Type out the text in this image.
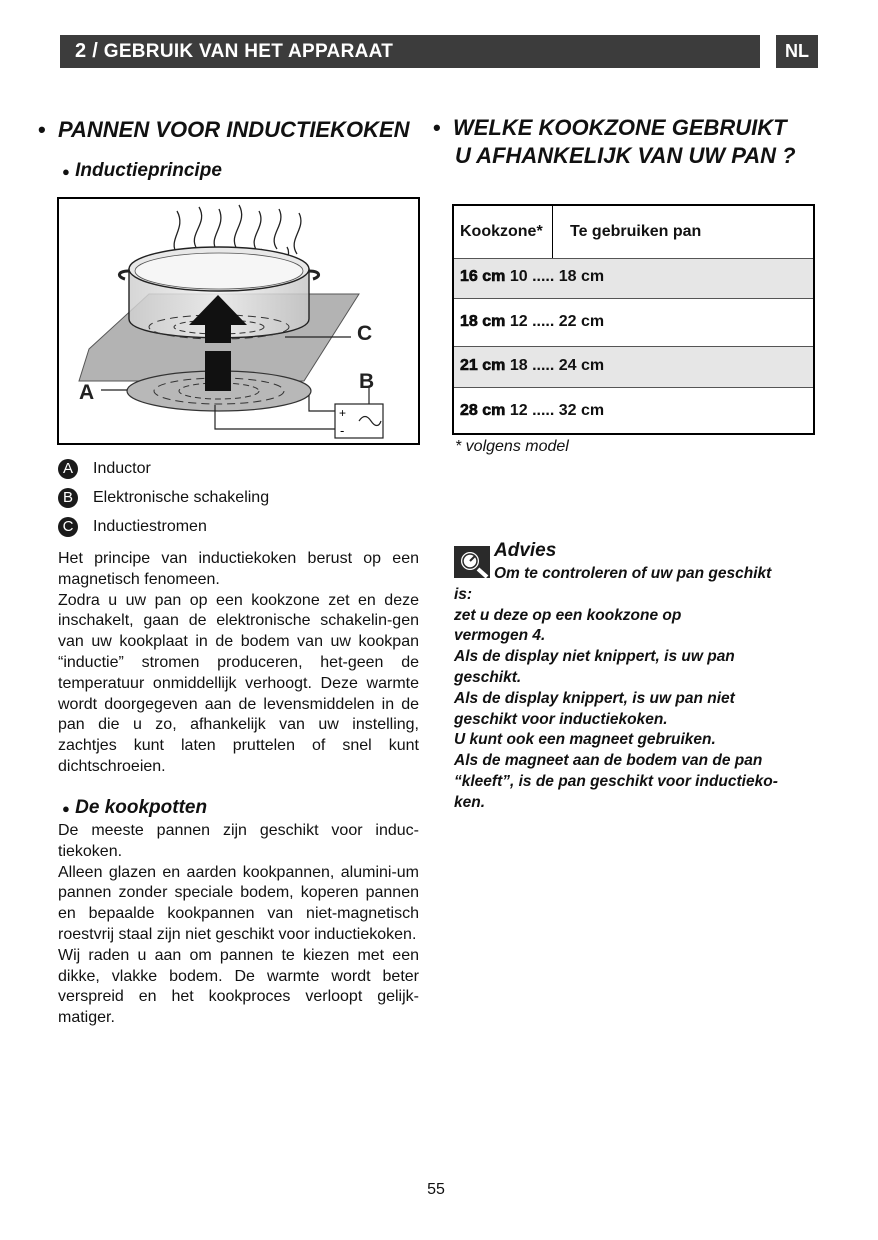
2 / GEBRUIK VAN HET APPARAAT	NL
• PANNEN VOOR INDUCTIEKOKEN
● Inductieprincipe
+
-
C
B
A
A	Inductor
B	Elektronische schakeling
C Inductiestromen

Het principe van inductiekoken berust op een magnetisch fenomeen.

Zodra u uw pan op een kookzone zet en deze inschakelt, gaan de elektronische schakelin-gen van uw kookplaat in de bodem van uw kookpan “inductie” stromen produceren, het-geen de temperatuur onmiddellijk verhoogt. Deze warmte wordt doorgegeven aan de levensmiddelen in de pan die u zo, afhankelijk van uw instelling, zachtjes kunt laten pruttelen of snel kunt dichtschroeien.

● De kookpotten

De meeste pannen zijn geschikt voor induc-tiekoken.

Alleen glazen en aarden kookpannen, alumini-um pannen zonder speciale bodem, koperen pannen en bepaalde kookpannen van niet-magnetisch roestvrij staal zijn niet geschikt voor inductiekoken.

Wij raden u aan om pannen te kiezen met een dikke, vlakke bodem. De warmte wordt beter verspreid en het kookproces verloopt gelijk-matiger.

• WELKE KOOKZONE GEBRUIKT
U AFHANKELIJK VAN UW PAN ?
Kookzone* Te gebruiken pan
16 cm 10 ..... 18 cm
18 cm 12 ..... 22 cm
21 cm 18 ..... 24 cm
28 cm 12 ..... 32 cm
* volgens model
Advies
Om te controleren of uw pan geschikt
is:
zet u deze op een kookzone op
vermogen 4.
Als de display niet knippert, is uw pan
geschikt.
Als de display knippert, is uw pan niet
geschikt voor inductiekoken.
U kunt ook een magneet gebruiken.
Als de magneet aan de bodem van de pan
“kleeft”, is de pan geschikt voor inductieko-
ken.
55
